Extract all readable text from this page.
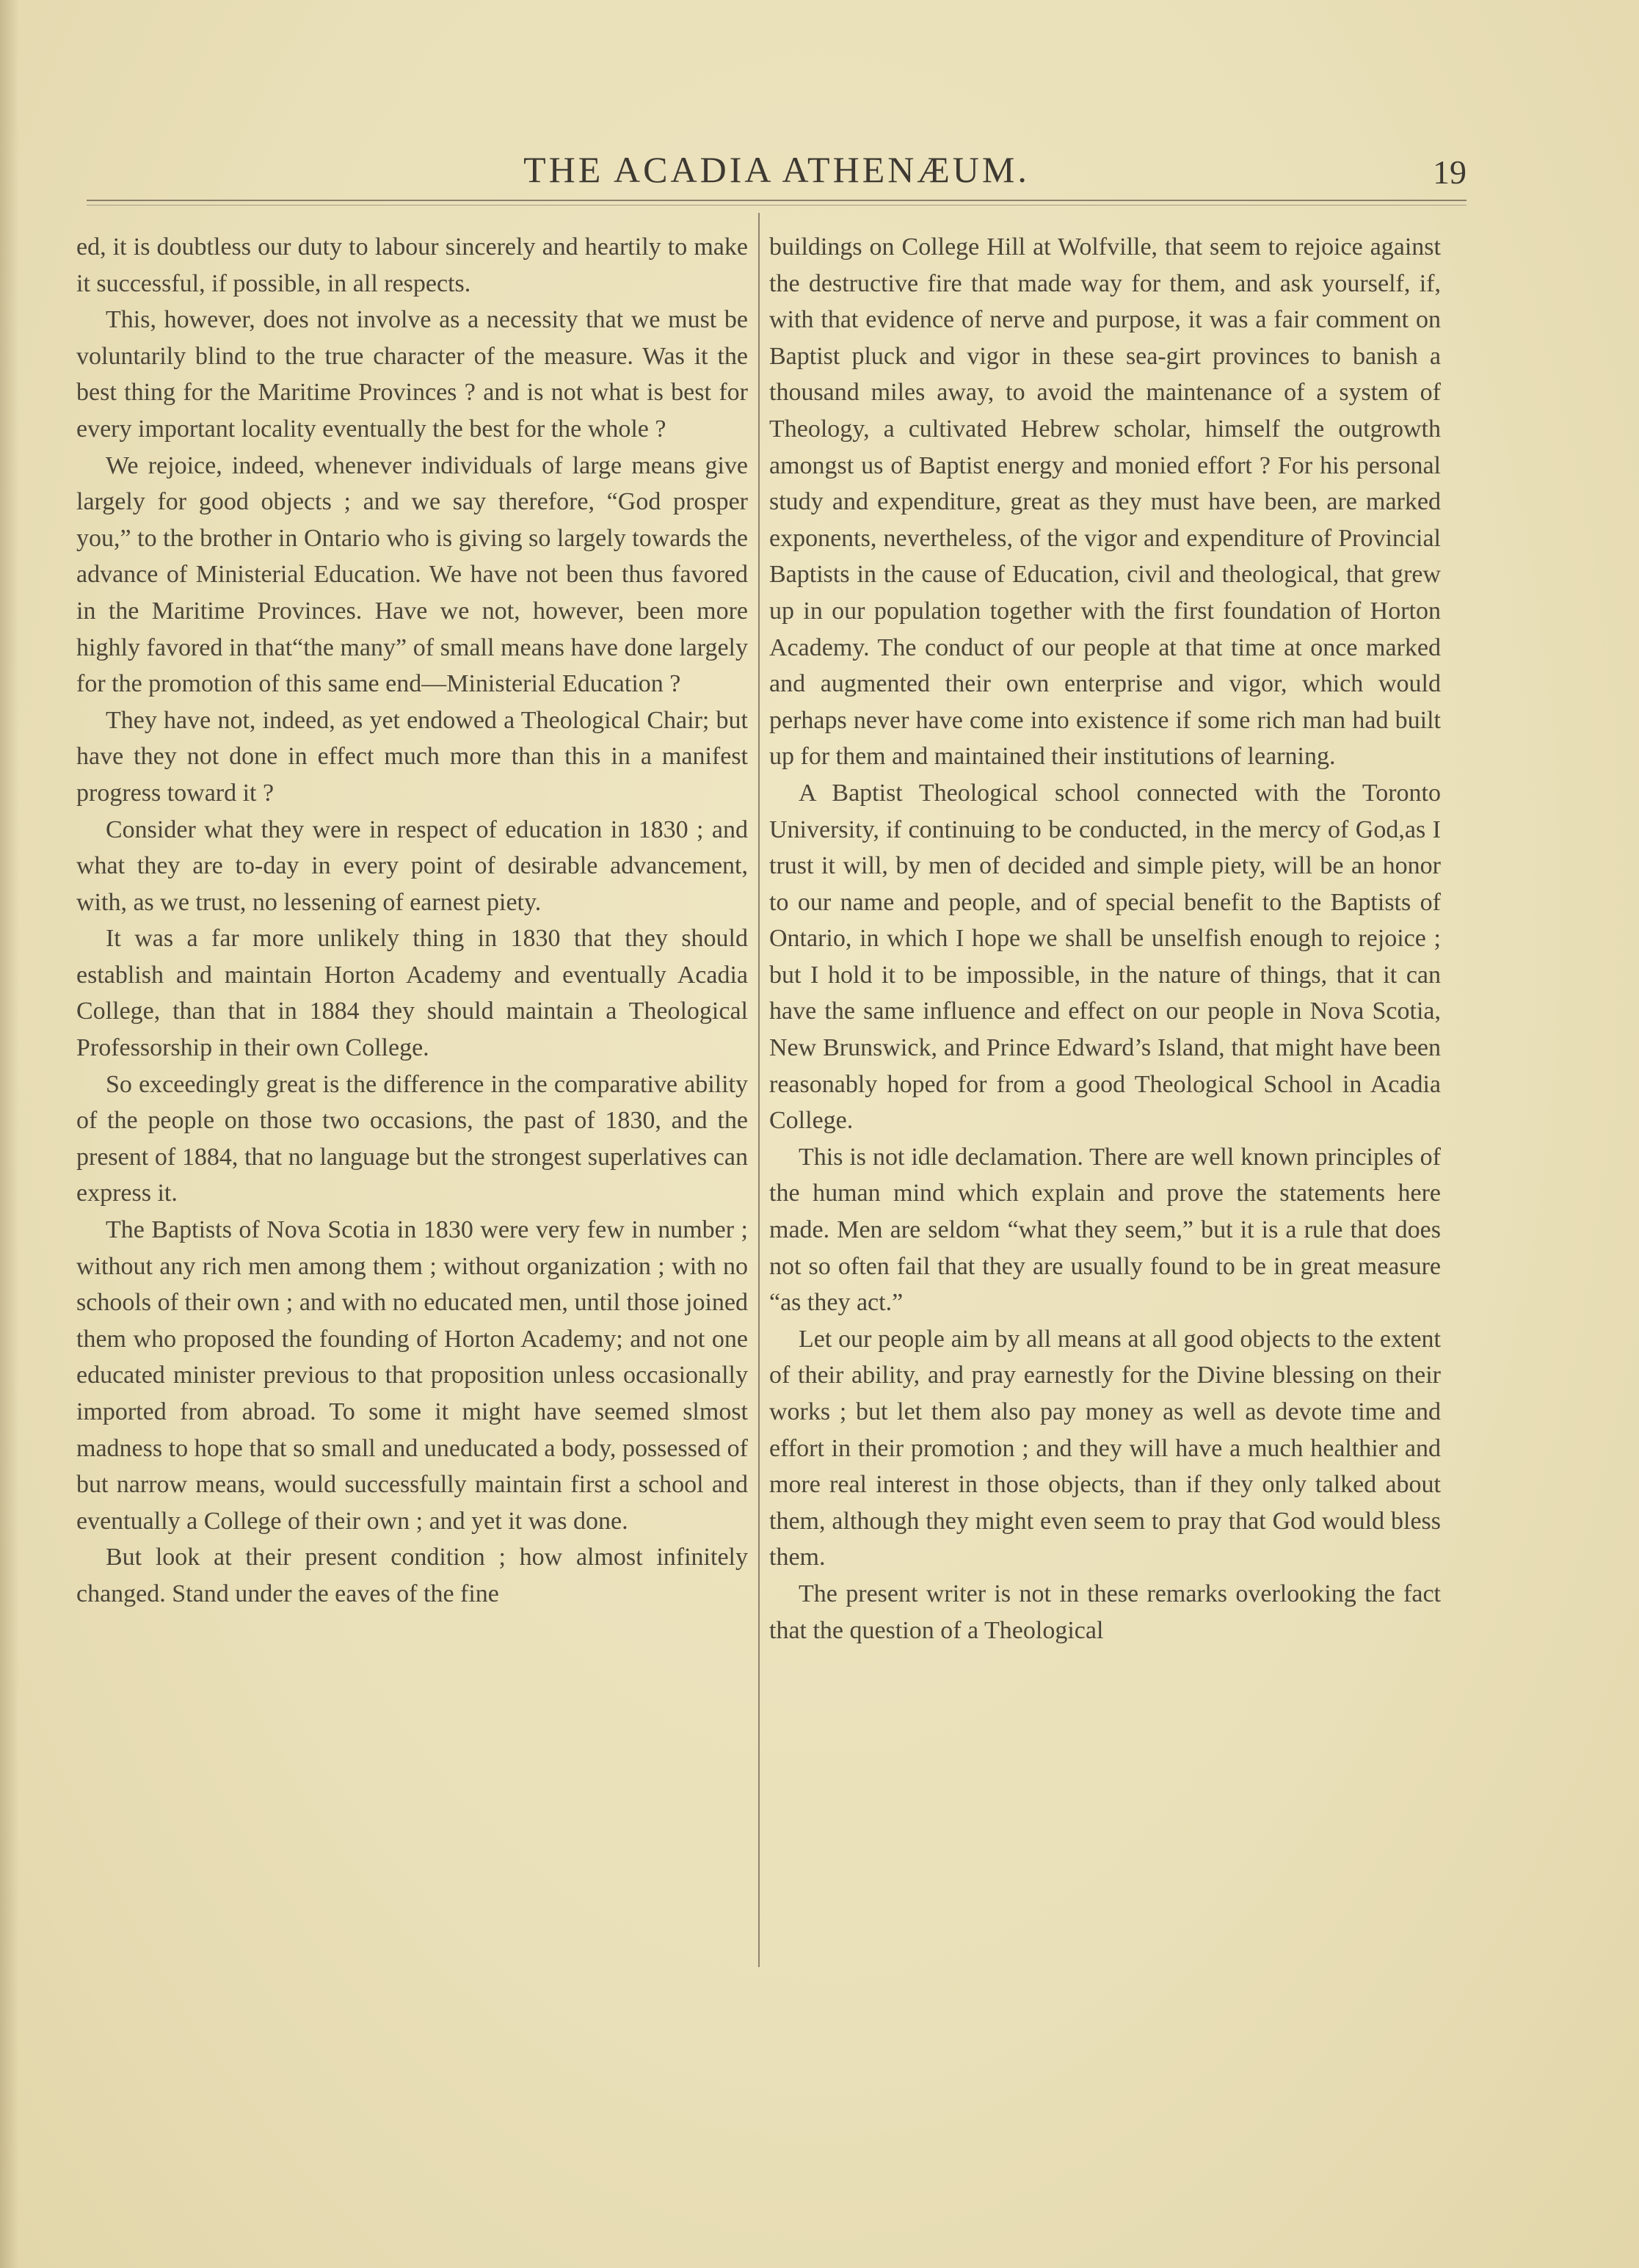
THE ACADIA ATHENÆUM.	19

ed, it is doubtless our duty to labour sincerely and heartily to make it successful, if possible, in all respects.

This, however, does not involve as a necessity that we must be voluntarily blind to the true character of the measure. Was it the best thing for the Maritime Provinces ? and is not what is best for every important locality eventually the best for the whole ?

We rejoice, indeed, whenever individuals of large means give largely for good objects ; and we say therefore, “God prosper you,” to the brother in Ontario who is giving so largely towards the advance of Ministerial Education. We have not been thus favored in the Maritime Provinces. Have we not, however, been more highly favored in that“the many” of small means have done largely for the promotion of this same end—Ministerial Education ?

They have not, indeed, as yet endowed a Theological Chair; but have they not done in effect much more than this in a manifest progress toward it ?

Consider what they were in respect of education in 1830 ; and what they are to-day in every point of desirable advancement, with, as we trust, no lessening of earnest piety.

It was a far more unlikely thing in 1830 that they should establish and maintain Horton Academy and eventually Acadia College, than that in 1884 they should maintain a Theological Professorship in their own College.

So exceedingly great is the difference in the comparative ability of the people on those two occasions, the past of 1830, and the present of 1884, that no language but the strongest superlatives can express it.

The Baptists of Nova Scotia in 1830 were very few in number ; without any rich men among them ; without organization ; with no schools of their own ; and with no educated men, until those joined them who proposed the founding of Horton Academy; and not one educated minister previous to that proposition unless occasionally imported from abroad. To some it might have seemed slmost madness to hope that so small and uneducated a body, possessed of but narrow means, would successfully maintain first a school and eventually a College of their own ; and yet it was done.

But look at their present condition ; how almost infinitely changed. Stand under the eaves of the fine

buildings on College Hill at Wolfville, that seem to rejoice against the destructive fire that made way for them, and ask yourself, if, with that evidence of nerve and purpose, it was a fair comment on Baptist pluck and vigor in these sea-girt provinces to banish a thousand miles away, to avoid the maintenance of a system of Theology, a cultivated Hebrew scholar, himself the outgrowth amongst us of Baptist energy and monied effort ? For his personal study and expenditure, great as they must have been, are marked exponents, nevertheless, of the vigor and expenditure of Provincial Baptists in the cause of Education, civil and theological, that grew up in our population together with the first foundation of Horton Academy. The conduct of our people at that time at once marked and augmented their own enterprise and vigor, which would perhaps never have come into existence if some rich man had built up for them and maintained their institutions of learning.

A Baptist Theological school connected with the Toronto University, if continuing to be conducted, in the mercy of God,as I trust it will, by men of decided and simple piety, will be an honor to our name and people, and of special benefit to the Baptists of Ontario, in which I hope we shall be unselfish enough to rejoice ; but I hold it to be impossible, in the nature of things, that it can have the same influence and effect on our people in Nova Scotia, New Brunswick, and Prince Edward’s Island, that might have been reasonably hoped for from a good Theological School in Acadia College.

This is not idle declamation. There are well known principles of the human mind which explain and prove the statements here made. Men are seldom “what they seem,” but it is a rule that does not so often fail that they are usually found to be in great measure “as they act.”

Let our people aim by all means at all good objects to the extent of their ability, and pray earnestly for the Divine blessing on their works ; but let them also pay money as well as devote time and effort in their promotion ; and they will have a much healthier and more real interest in those objects, than if they only talked about them, although they might even seem to pray that God would bless them.

The present writer is not in these remarks overlooking the fact that the question of a Theological
